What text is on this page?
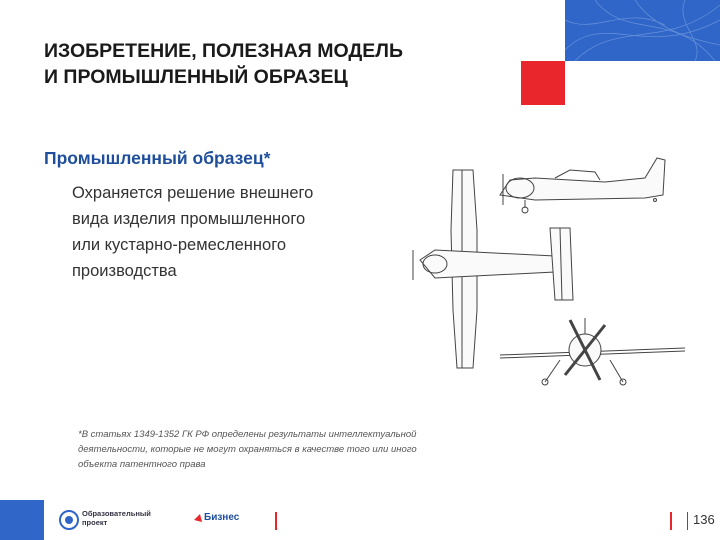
ИЗОБРЕТЕНИЕ, ПОЛЕЗНАЯ МОДЕЛЬ
И ПРОМЫШЛЕННЫЙ ОБРАЗЕЦ
Промышленный образец*
Охраняется решение внешнего
вида изделия промышленного
или кустарно-ремесленного
производства
*В статьях 1349-1352 ГК РФ определены результаты интеллектуальной
деятельности, которые не могут охраняться в качестве того или иного
объекта патентного права
Образовательный
проект	Бизнес	136
